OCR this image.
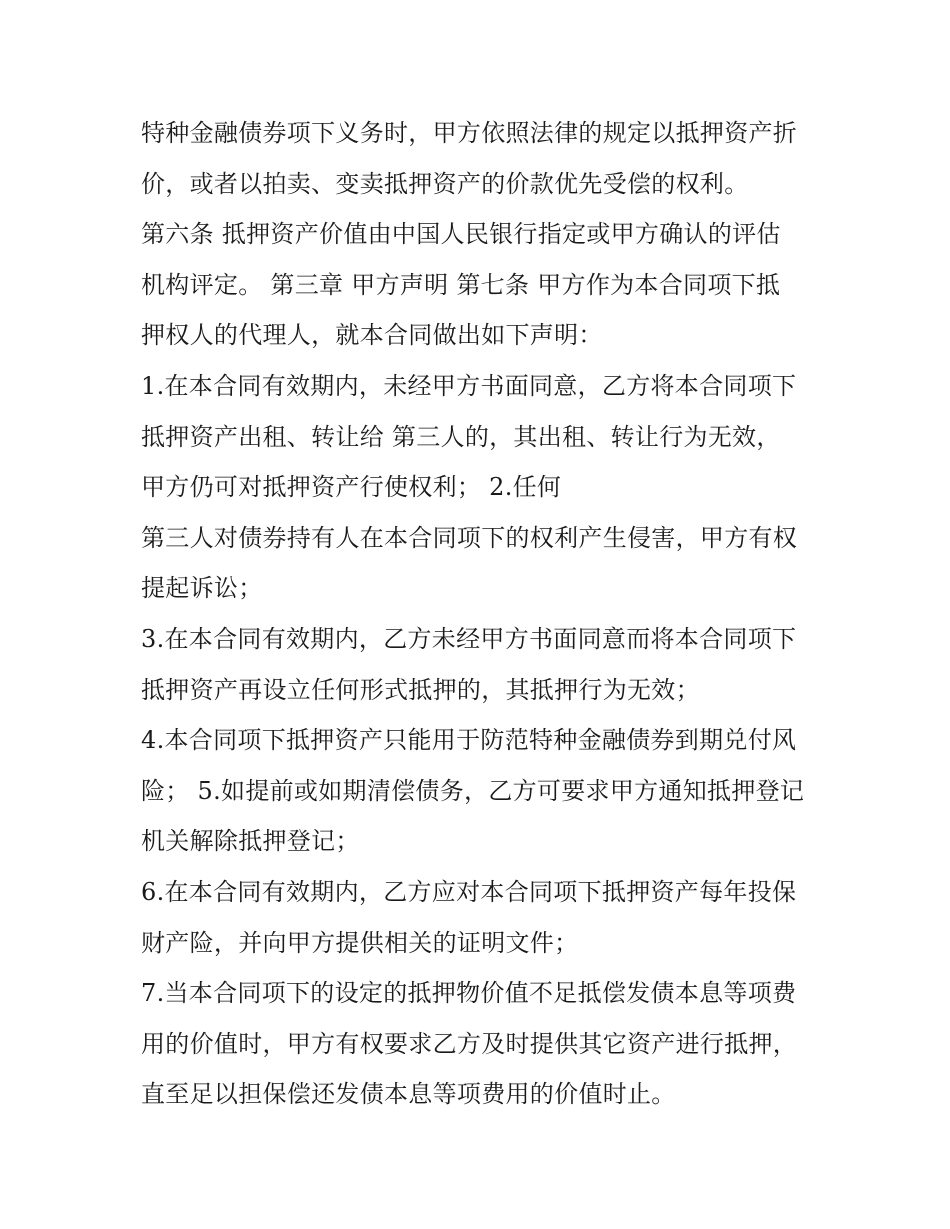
特种金融债券项下义务时，甲方依照法律的规定以抵押资产折
价，或者以拍卖、变卖抵押资产的价款优先受偿的权利。
第六条 抵押资产价值由中国人民银行指定或甲方确认的评估
机构评定。 第三章 甲方声明 第七条 甲方作为本合同项下抵
押权人的代理人，就本合同做出如下声明：
1.在本合同有效期内，未经甲方书面同意，乙方将本合同项下
抵押资产出租、转让给 第三人的，其出租、转让行为无效，
甲方仍可对抵押资产行使权利； 2.任何
第三人对债券持有人在本合同项下的权利产生侵害，甲方有权
提起诉讼；
3.在本合同有效期内，乙方未经甲方书面同意而将本合同项下
抵押资产再设立任何形式抵押的，其抵押行为无效；
4.本合同项下抵押资产只能用于防范特种金融债券到期兑付风
险； 5.如提前或如期清偿债务，乙方可要求甲方通知抵押登记
机关解除抵押登记；
6.在本合同有效期内，乙方应对本合同项下抵押资产每年投保
财产险，并向甲方提供相关的证明文件；
7.当本合同项下的设定的抵押物价值不足抵偿发债本息等项费
用的价值时，甲方有权要求乙方及时提供其它资产进行抵押，
直至足以担保偿还发债本息等项费用的价值时止。
